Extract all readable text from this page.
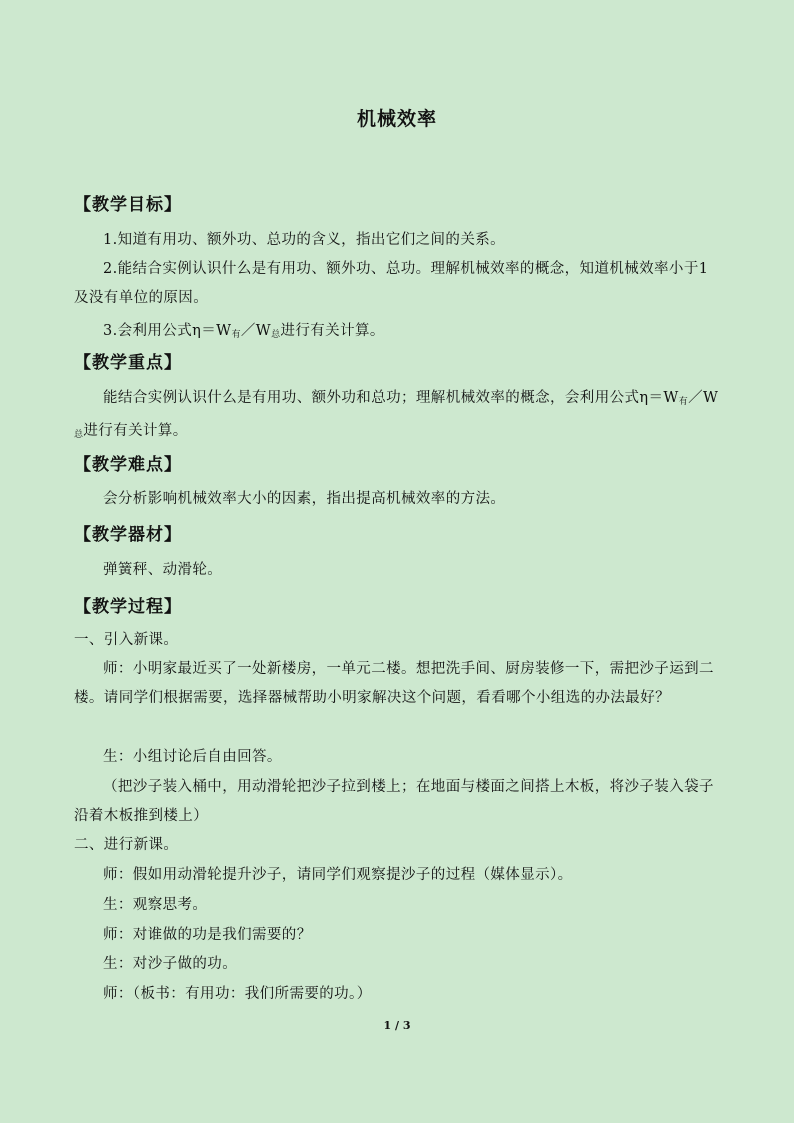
机械效率
【教学目标】

1.知道有用功、额外功、总功的含义，指出它们之间的关系。

2.能结合实例认识什么是有用功、额外功、总功。理解机械效率的概念，知道机械效率小于1及没有单位的原因。

3.会利用公式$\eta=W_有/W_总$进行有关计算。
【教学重点】

能结合实例认识什么是有用功、额外功和总功；理解机械效率的概念，会利用公式$\eta=W_有/W_总$进行有关计算。

【教学难点】

会分析影响机械效率大小的因素，指出提高机械效率的方法。

【教学器材】

弹簧秤、动滑轮。

【教学过程】

一、引入新课。

师：小明家最近买了一处新楼房，一单元二楼。想把洗手间、厨房装修一下，需把沙子运到二楼。请同学们根据需要，选择器械帮助小明家解决这个问题，看看哪个小组选的办法最好？

生：小组讨论后自由回答。

（把沙子装入桶中，用动滑轮把沙子拉到楼上；在地面与楼面之间搭上木板，将沙子装入袋子沿着木板推到楼上）

二、进行新课。

师：假如用动滑轮提升沙子，请同学们观察提沙子的过程（媒体显示）。

生：观察思考。

师：对谁做的功是我们需要的？

生：对沙子做的功。

师：（板书：有用功：我们所需要的功。）

1 / 3
